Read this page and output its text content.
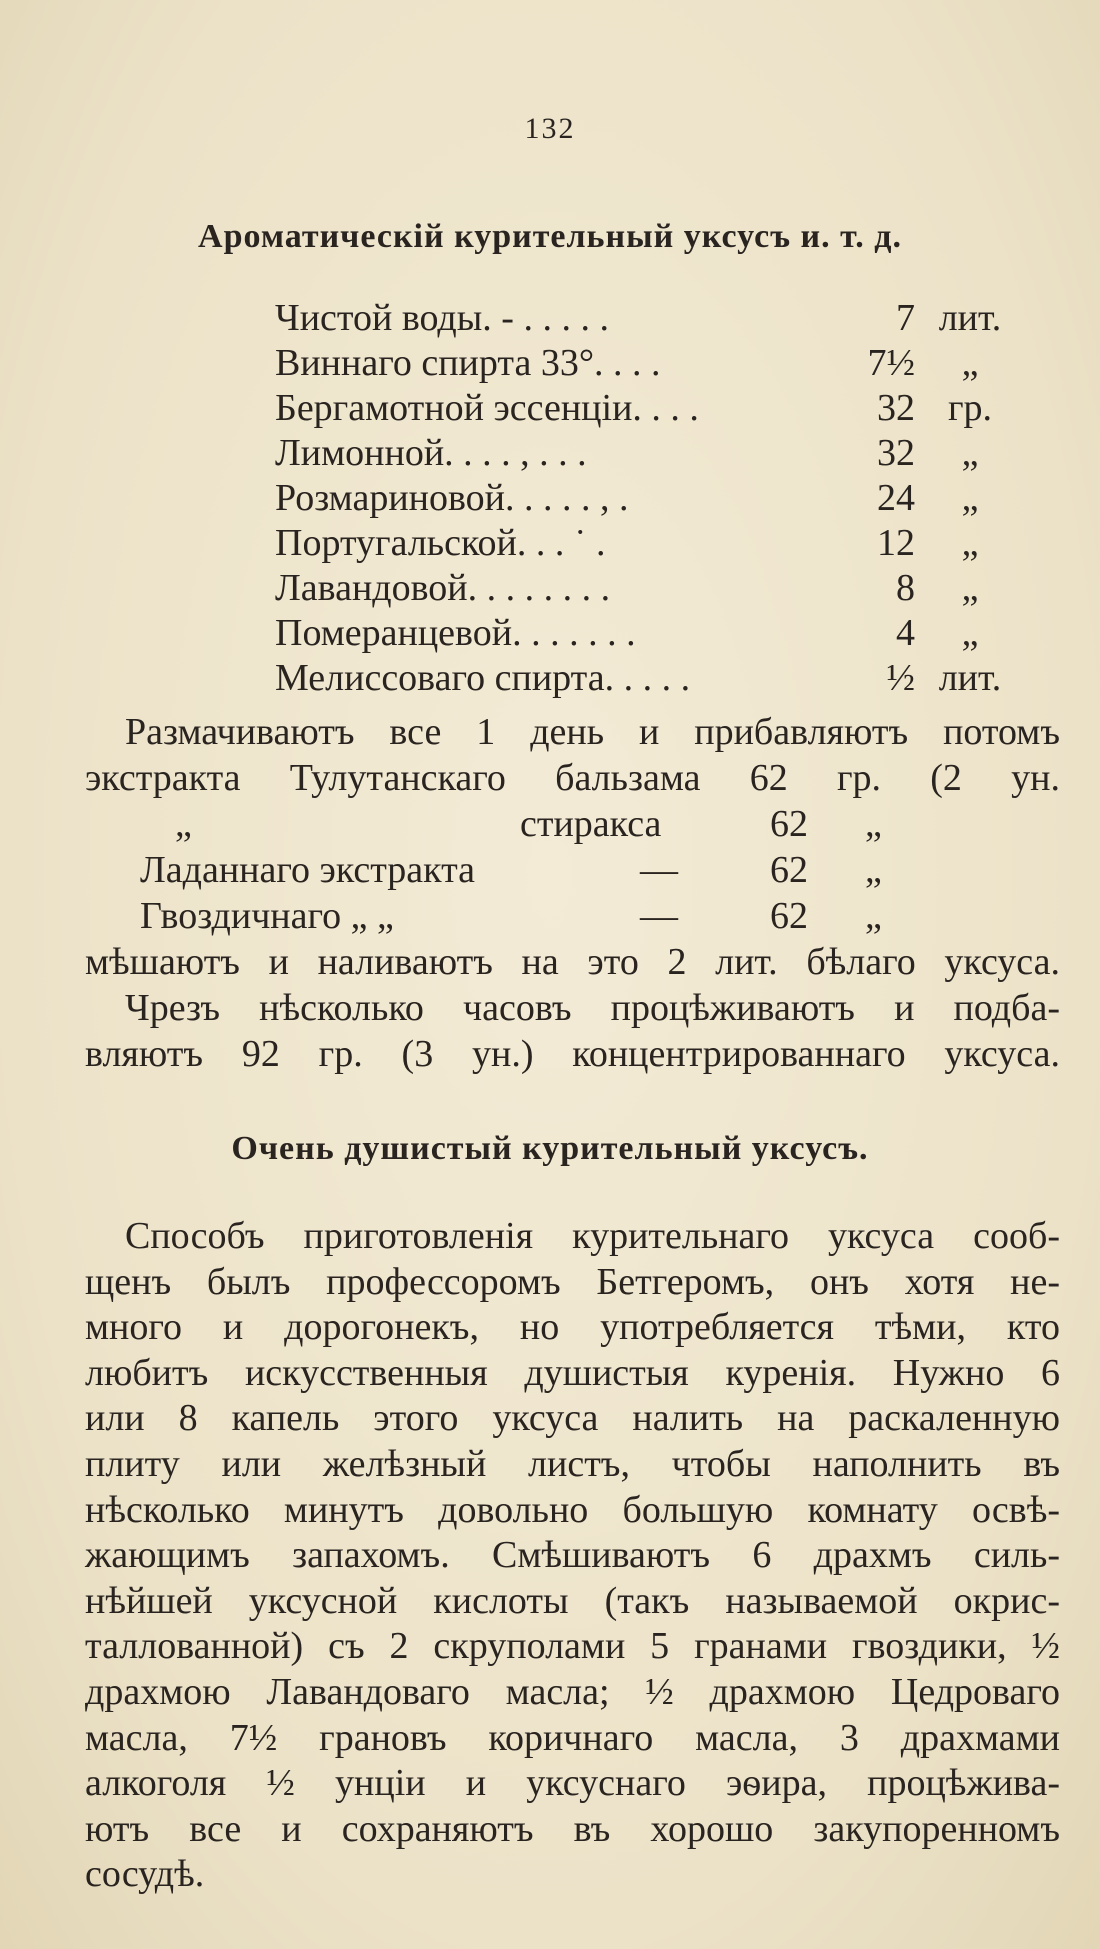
132
Ароматическій курительный уксусъ и. т. д.
Чистой воды . - . . . . .	7 лит.
Виннаго спирта 33° . . . .	7½	„
Бергамотной эссенціи . . . .	32 гр.
Лимонной . . . . , . . .	32	„
Розмариновой . . . . . , .	24	„
Португальской . . . ˙ .	12	„
Лавандовой . . . . . . . .	8	„
Померанцевой . . . . . . .	4	„
Мелиссоваго спирта . . . . .	½ лит.
Размачиваютъ все 1 день и прибавляютъ потомъ
экстракта Тулутанскаго бальзама 62 гр. (2 ун.
„	стиракса	62 „
Ладаннаго экстракта	— 62 „
Гвоздичнаго „ „	— 62 „
мѣшаютъ и наливаютъ на это 2 лит. бѣлаго уксуса.
Чрезъ нѣсколько часовъ процѣживаютъ и подба-
вляютъ 92 гр. (3 ун.) концентрированнаго уксуса.
Очень душистый курительный уксусъ.
Способъ приготовленія курительнаго уксуса сооб-
щенъ былъ профессоромъ Бетгеромъ, онъ хотя не-
много и дорогонекъ, но употребляется тѣми, кто
любитъ искусственныя душистыя куренія. Нужно 6
или 8 капель этого уксуса налить на раскаленную
плиту или желѣзный листъ, чтобы наполнить въ
нѣсколько минутъ довольно большую комнату освѣ-
жающимъ запахомъ. Смѣшиваютъ 6 драхмъ силь-
нѣйшей уксусной кислоты (такъ называемой окрис-
таллованной) съ 2 скруполами 5 гранами гвоздики, ½
драхмою Лавандоваго масла; ½ драхмою Цедроваго
масла, 7½ грановъ коричнаго масла, 3 драхмами
алкоголя ½ унціи и уксуснаго эѳира, процѣжива-
ютъ все и сохраняютъ въ хорошо закупоренномъ
сосудѣ.
